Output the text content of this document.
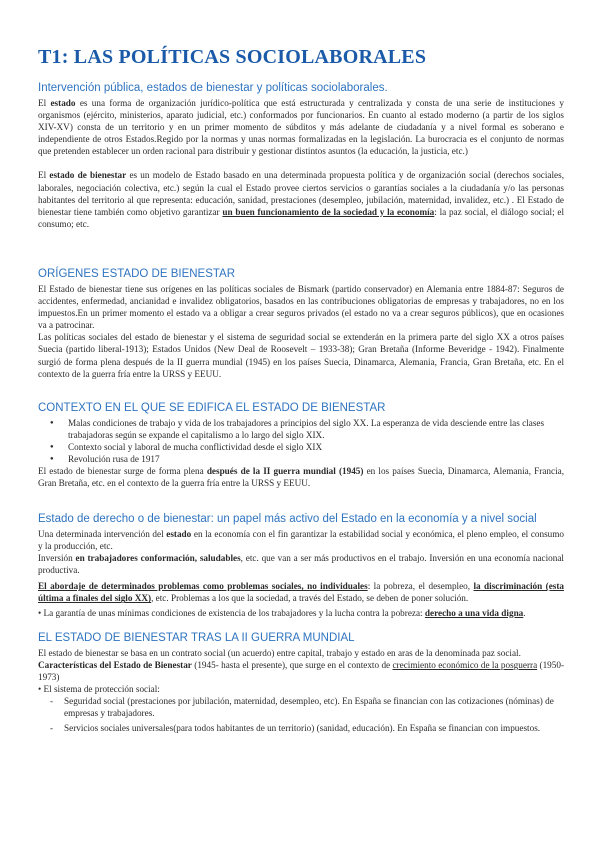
T1: LAS POLÍTICAS SOCIOLABORALES
Intervención pública, estados de bienestar y políticas sociolaborales.

El estado es una forma de organización jurídico-política que está estructurada y centralizada y consta de una serie de instituciones y organismos (ejército, ministerios, aparato judicial, etc.) conformados por funcionarios. En cuanto al estado moderno (a partir de los siglos XIV-XV) consta de un territorio y en un primer momento de súbditos y más adelante de ciudadanía y a nivel formal es soberano e independiente de otros Estados.Regido por la normas y unas normas formalizadas en la legislación. La burocracia es el conjunto de normas que pretenden establecer un orden racional para distribuir y gestionar distintos asuntos (la educación, la justicia, etc.)

El estado de bienestar es un modelo de Estado basado en una determinada propuesta política y de organización social (derechos sociales, laborales, negociación colectiva, etc.) según la cual el Estado provee ciertos servicios o garantías sociales a la ciudadanía y/o las personas habitantes del territorio al que representa: educación, sanidad, prestaciones (desempleo, jubilación, maternidad, invalidez, etc.) . El Estado de bienestar tiene también como objetivo garantizar un buen funcionamiento de la sociedad y la economía: la paz social, el diálogo social; el consumo; etc.

ORÍGENES ESTADO DE BIENESTAR

El Estado de bienestar tiene sus orígenes en las políticas sociales de Bismark (partido conservador) en Alemania entre 1884-87: Seguros de accidentes, enfermedad, ancianidad e invalidez obligatorios, basados en las contribuciones obligatorias de empresas y trabajadores, no en los impuestos.En un primer momento el estado va a obligar a crear seguros privados (el estado no va a crear seguros públicos), que en ocasiones va a patrocinar.

Las políticas sociales del estado de bienestar y el sistema de seguridad social se extenderán en la primera parte del siglo XX a otros países Suecia (partido liberal-1913); Estados Unidos (New Deal de Roosevelt – 1933-38); Gran Bretaña (Informe Beveridge - 1942). Finalmente surgió de forma plena después de la II guerra mundial (1945) en los países Suecia, Dinamarca, Alemania, Francia, Gran Bretaña, etc. En el contexto de la guerra fría entre la URSS y EEUU.

CONTEXTO EN EL QUE SE EDIFICA EL ESTADO DE BIENESTAR
● Malas condiciones de trabajo y vida de los trabajadores a principios del siglo XX. La esperanza de vida desciende entre las clases trabajadoras según se expande el capitalismo a lo largo del siglo XIX.
● Contexto social y laboral de mucha conflictividad desde el siglo XIX
● Revolución rusa de 1917

El estado de bienestar surge de forma plena después de la II guerra mundial (1945) en los países Suecia, Dinamarca, Alemania, Francia, Gran Bretaña, etc. en el contexto de la guerra fría entre la URSS y EEUU.

Estado de derecho o de bienestar: un papel más activo del Estado en la economía y a nivel social

Una determinada intervención del estado en la economía con el fin garantizar la estabilidad social y económica, el pleno empleo, el consumo y la producción, etc.

Inversión en trabajadores conformación, saludables, etc. que van a ser más productivos en el trabajo. Inversión en una economía nacional productiva.

El abordaje de determinados problemas como problemas sociales, no individuales: la pobreza, el desempleo, la discriminación (esta última a finales del siglo XX), etc. Problemas a los que la sociedad, a través del Estado, se deben de poner solución.

• La garantía de unas mínimas condiciones de existencia de los trabajadores y la lucha contra la pobreza: derecho a una vida digna.

EL ESTADO DE BIENESTAR TRAS LA II GUERRA MUNDIAL

El estado de bienestar se basa en un contrato social (un acuerdo) entre capital, trabajo y estado en aras de la denominada paz social.

Características del Estado de Bienestar (1945- hasta el presente), que surge en el contexto de crecimiento económico de la posguerra (1950-1973)

• El sistema de protección social:

- Seguridad social (prestaciones por jubilación, maternidad, desempleo, etc). En España se financian con las cotizaciones (nóminas) de empresas y trabajadores.
- Servicios sociales universales(para todos habitantes de un territorio) (sanidad, educación). En España se financian con impuestos.
